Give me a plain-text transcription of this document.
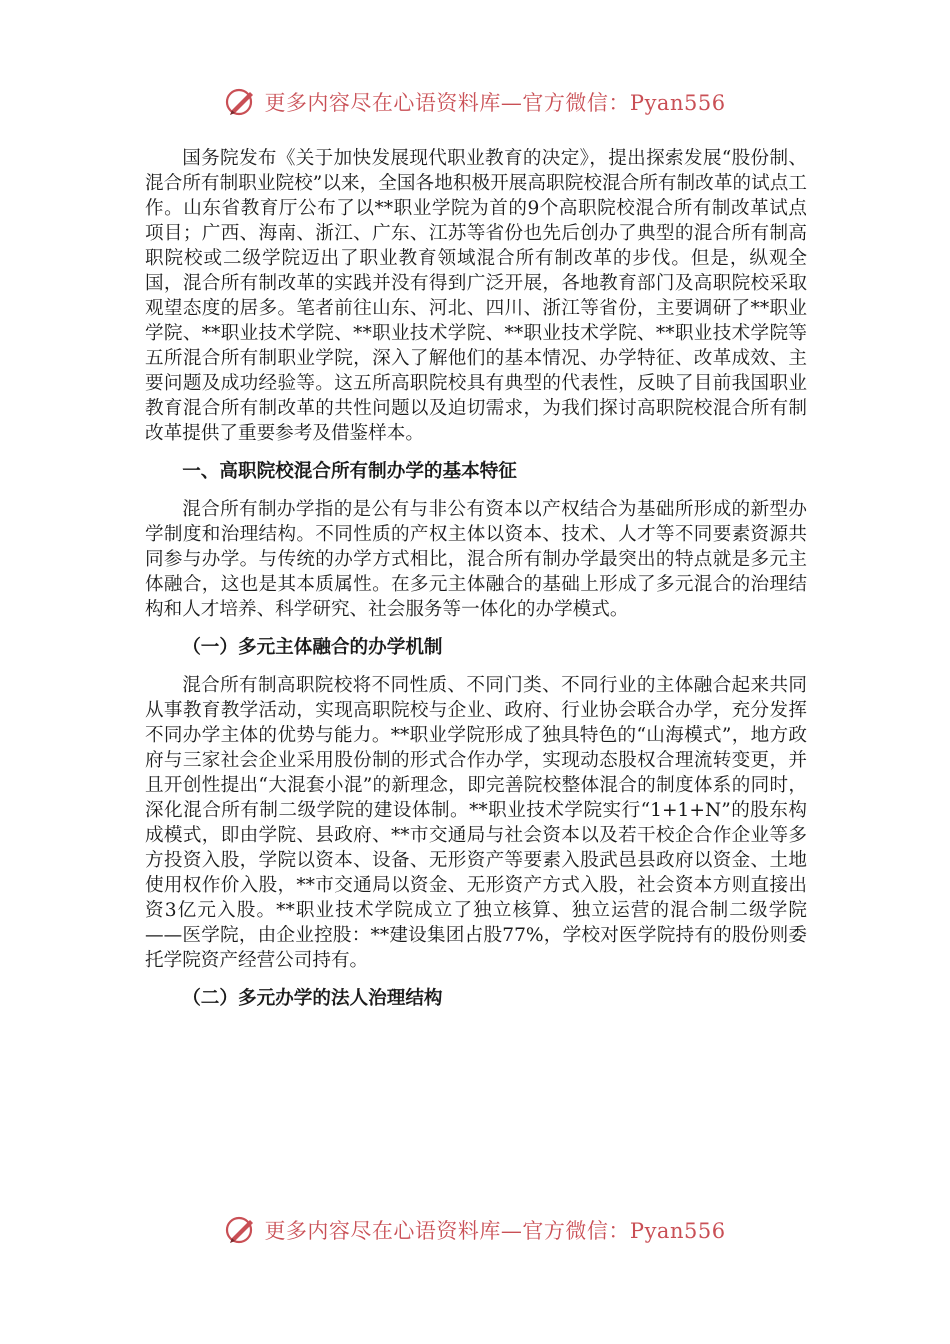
更多内容尽在心语资料库—官方微信：Pyan556

国务院发布《关于加快发展现代职业教育的决定》，提出探索发展“股份制、混合所有制职业院校”以来，全国各地积极开展高职院校混合所有制改革的试点工作。山东省教育厅公布了以**职业学院为首的9个高职院校混合所有制改革试点项目；广西、海南、浙江、广东、江苏等省份也先后创办了典型的混合所有制高职院校或二级学院迈出了职业教育领域混合所有制改革的步伐。但是，纵观全国，混合所有制改革的实践并没有得到广泛开展，各地教育部门及高职院校采取观望态度的居多。笔者前往山东、河北、四川、浙江等省份，主要调研了**职业学院、**职业技术学院、**职业技术学院、**职业技术学院、**职业技术学院等五所混合所有制职业学院，深入了解他们的基本情况、办学特征、改革成效、主要问题及成功经验等。这五所高职院校具有典型的代表性，反映了目前我国职业教育混合所有制改革的共性问题以及迫切需求，为我们探讨高职院校混合所有制改革提供了重要参考及借鉴样本。

一、高职院校混合所有制办学的基本特征

混合所有制办学指的是公有与非公有资本以产权结合为基础所形成的新型办学制度和治理结构。不同性质的产权主体以资本、技术、人才等不同要素资源共同参与办学。与传统的办学方式相比，混合所有制办学最突出的特点就是多元主体融合，这也是其本质属性。在多元主体融合的基础上形成了多元混合的治理结构和人才培养、科学研究、社会服务等一体化的办学模式。

（一）多元主体融合的办学机制

混合所有制高职院校将不同性质、不同门类、不同行业的主体融合起来共同从事教育教学活动，实现高职院校与企业、政府、行业协会联合办学，充分发挥不同办学主体的优势与能力。**职业学院形成了独具特色的“山海模式”，地方政府与三家社会企业采用股份制的形式合作办学，实现动态股权合理流转变更，并且开创性提出“大混套小混”的新理念，即完善院校整体混合的制度体系的同时，深化混合所有制二级学院的建设体制。**职业技术学院实行“1+1+N”的股东构成模式，即由学院、县政府、**市交通局与社会资本以及若干校企合作企业等多方投资入股，学院以资本、设备、无形资产等要素入股武邑县政府以资金、土地使用权作价入股，**市交通局以资金、无形资产方式入股，社会资本方则直接出资3亿元入股。**职业技术学院成立了独立核算、独立运营的混合制二级学院——医学院，由企业控股：**建设集团占股77%，学校对医学院持有的股份则委托学院资产经营公司持有。

（二）多元办学的法人治理结构

更多内容尽在心语资料库—官方微信：Pyan556
